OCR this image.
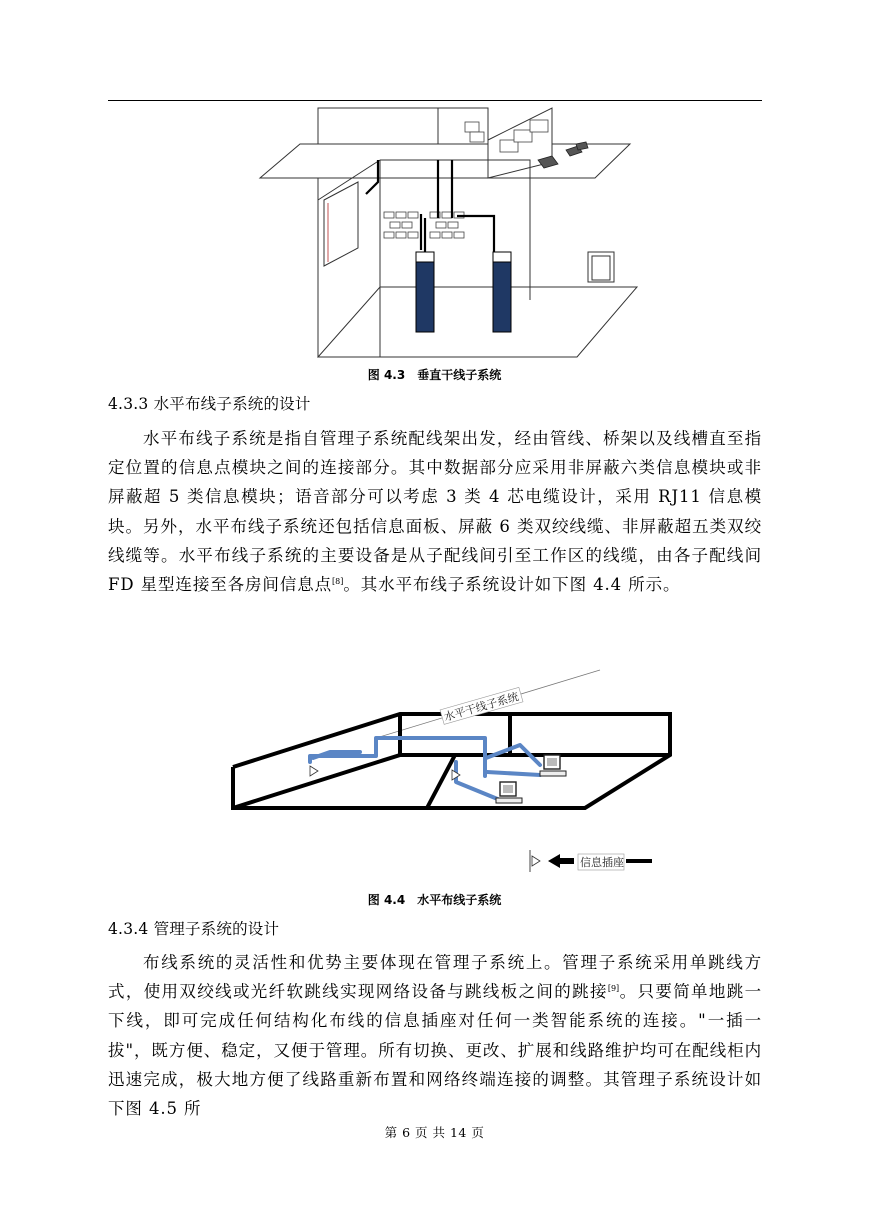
图 4.3　垂直干线子系统
4.3.3 水平布线子系统的设计

水平布线子系统是指自管理子系统配线架出发，经由管线、桥架以及线槽直至指定位置的信息点模块之间的连接部分。其中数据部分应采用非屏蔽六类信息模块或非屏蔽超 5 类信息模块；语音部分可以考虑 3 类 4 芯电缆设计，采用 RJ11 信息模块。另外，水平布线子系统还包括信息面板、屏蔽 6 类双绞线缆、非屏蔽超五类双绞线缆等。水平布线子系统的主要设备是从子配线间引至工作区的线缆，由各子配线间 FD 星型连接至各房间信息点[8]。其水平布线子系统设计如下图 4.4 所示。

水平干线子系统
信息插座
图 4.4　水平布线子系统
4.3.4 管理子系统的设计

布线系统的灵活性和优势主要体现在管理子系统上。管理子系统采用单跳线方式，使用双绞线或光纤软跳线实现网络设备与跳线板之间的跳接[9]。只要简单地跳一下线，即可完成任何结构化布线的信息插座对任何一类智能系统的连接。"一插一拔"，既方便、稳定，又便于管理。所有切换、更改、扩展和线路维护均可在配线柜内迅速完成，极大地方便了线路重新布置和网络终端连接的调整。其管理子系统设计如下图 4.5 所

第 6 页 共 14 页
